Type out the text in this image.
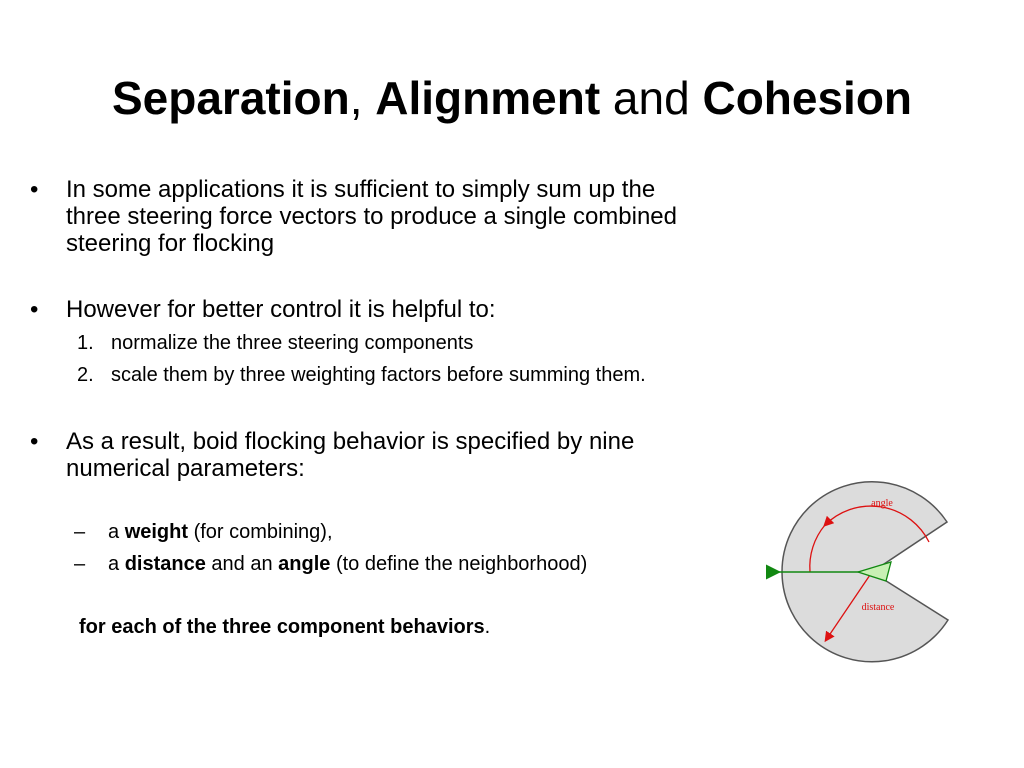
Separation, Alignment and Cohesion
• In some applications it is sufficient to simply sum up the
three steering force vectors to produce a single combined
steering for flocking
• However for better control it is helpful to:
1. normalize the three steering components
2. scale them by three weighting factors before summing them.
• As a result, boid flocking behavior is specified by nine
numerical parameters:
– a weight (for combining),
– a distance and an angle (to define the neighborhood)
for each of the three component behaviors.
angle
distance
